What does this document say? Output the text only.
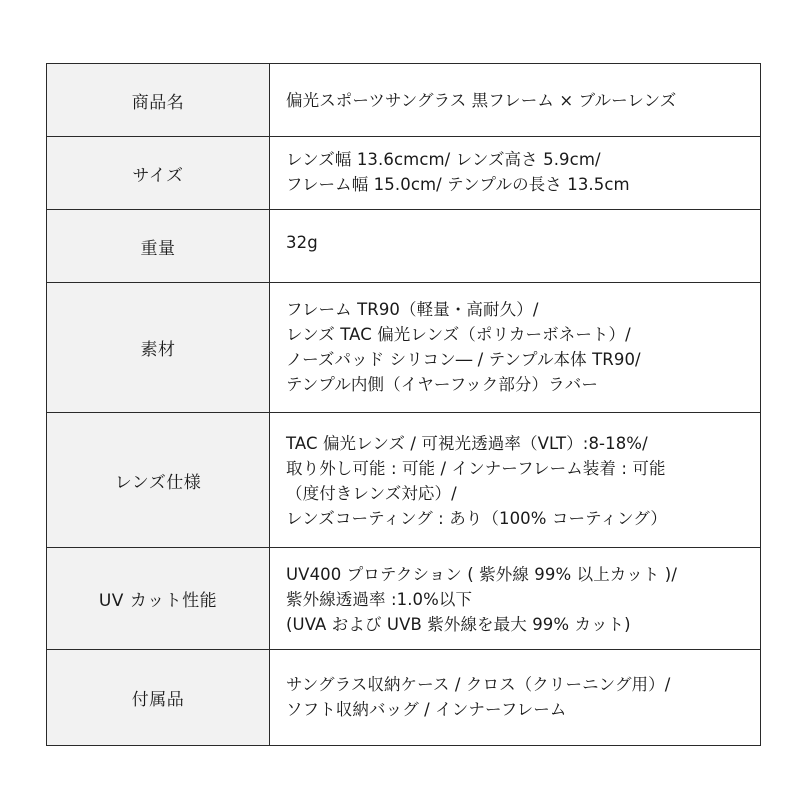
商品名	偏光スポーツサングラス 黒フレーム × ブルーレンズ

サイズ	レンズ幅 13.6cmcm/ レンズ高さ 5.9cm/
フレーム幅 15.0cm/ テンプルの長さ 13.5cm

重量	32g

素材	フレーム TR90（軽量・高耐久）/
レンズ TAC 偏光レンズ（ポリカーボネート）/
ノーズパッド シリコン― / テンプル本体 TR90/
テンプル内側（イヤーフック部分）ラバー

レンズ仕様	TAC 偏光レンズ / 可視光透過率（VLT）:8-18%/
取り外し可能 : 可能 / インナーフレーム装着 : 可能
（度付きレンズ対応）/
レンズコーティング : あり（100% コーティング）

UV カット性能	UV400 プロテクション ( 紫外線 99% 以上カット )/
紫外線透過率 :1.0%以下
(UVA および UVB 紫外線を最大 99% カット)

付属品	サングラス収納ケース / クロス（クリーニング用）/
ソフト収納バッグ / インナーフレーム
